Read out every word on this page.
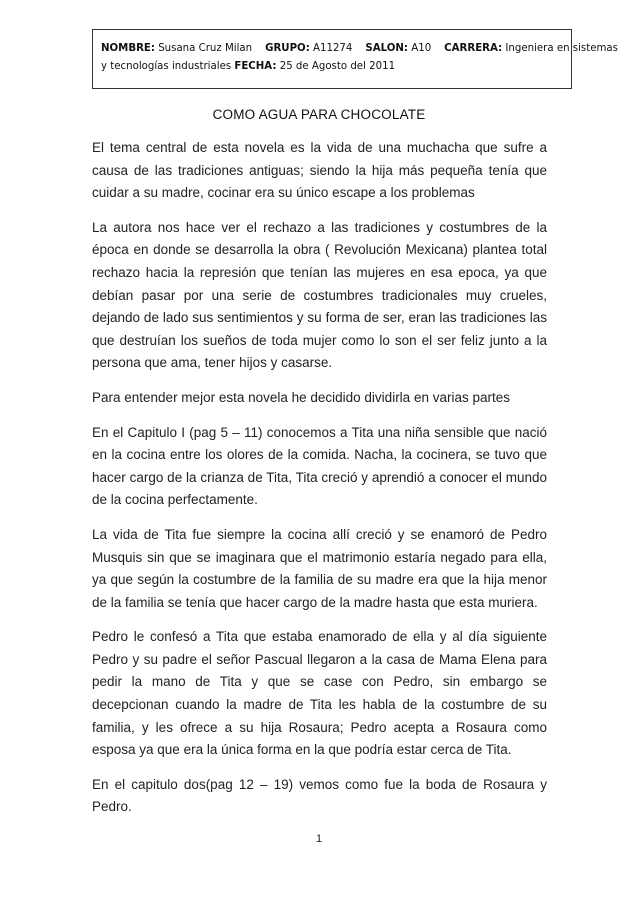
NOMBRE: Susana Cruz Milan GRUPO: A11274 SALON: A10 CARRERA: Ingeniera en sistemas
y tecnologías industriales FECHA: 25 de Agosto del 2011
COMO AGUA PARA CHOCOLATE

El tema central de esta novela es la vida de una muchacha que sufre a causa de las tradiciones antiguas; siendo la hija más pequeña tenía que cuidar a su madre, cocinar era su único escape a los problemas

La autora nos hace ver el rechazo a las tradiciones y costumbres de la época en donde se desarrolla la obra ( Revolución Mexicana) plantea total rechazo hacia la represión que tenían las mujeres en esa epoca, ya que debían pasar por una serie de costumbres tradicionales muy crueles, dejando de lado sus sentimientos y su forma de ser, eran las tradiciones las que destruían los sueños de toda mujer como lo son el ser feliz junto a la persona que ama, tener hijos y casarse.

Para entender mejor esta novela he decidido dividirla en varias partes

En el Capitulo I (pag 5 – 11) conocemos a Tita una niña sensible que nació en la cocina entre los olores de la comida. Nacha, la cocinera, se tuvo que hacer cargo de la crianza de Tita, Tita creció y aprendió a conocer el mundo de la cocina perfectamente.

La vida de Tita fue siempre la cocina allí creció y se enamoró de Pedro Musquis sin que se imaginara que el matrimonio estaría negado para ella, ya que según la costumbre de la familia de su madre era que la hija menor de la familia se tenía que hacer cargo de la madre hasta que esta muriera.

Pedro le confesó a Tita que estaba enamorado de ella y al día siguiente Pedro y su padre el señor Pascual llegaron a la casa de Mama Elena para pedir la mano de Tita y que se case con Pedro, sin embargo se decepcionan cuando la madre de Tita les habla de la costumbre de su familia, y les ofrece a su hija Rosaura; Pedro acepta a Rosaura como esposa ya que era la única forma en la que podría estar cerca de Tita.

En el capitulo dos(pag 12 – 19) vemos como fue la boda de Rosaura y Pedro.

1
